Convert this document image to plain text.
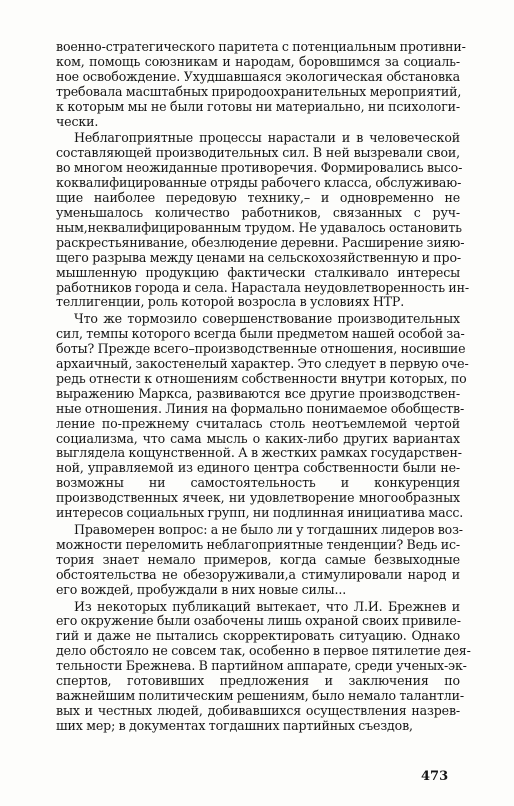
военно-стратегического паритета с потенциальным противни-
ком, помощь союзникам и народам, боровшимся за социаль-
ное освобождение. Ухудшавшаяся экологическая обстановка
требовала масштабных природоохранительных мероприятий,
к которым мы не были готовы ни материально, ни психологи-
чески.
Неблагоприятные процессы нарастали и в человеческой
составляющей производительных сил. В ней вызревали свои,
во многом неожиданные противоречия. Формировались высо-
коквалифицированные отряды рабочего класса, обслуживаю-
щие наиболее передовую технику,– и одновременно не
уменьшалось количество работников, связанных с руч-
ным,неквалифицированным трудом. Не удавалось остановить
раскрестьянивание, обезлюдение деревни. Расширение зияю-
щего разрыва между ценами на сельскохозяйственную и про-
мышленную продукцию фактически сталкивало интересы
работников города и села. Нарастала неудовлетворенность ин-
теллигенции, роль которой возросла в условиях НТР.
Что же тормозило совершенствование производительных
сил, темпы которого всегда были предметом нашей особой за-
боты? Прежде всего–производственные отношения, носившие
архаичный, закостенелый характер. Это следует в первую оче-
редь отнести к отношениям собственности внутри которых, по
выражению Маркса, развиваются все другие производствен-
ные отношения. Линия на формально понимаемое обобществ-
ление по-прежнему считалась столь неотъемлемой чертой
социализма, что сама мысль о каких-либо других вариантах
выглядела кощунственной. А в жестких рамках государствен-
ной, управляемой из единого центра собственности были не-
возможны ни самостоятельность и конкуренция
производственных ячеек, ни удовлетворение многообразных
интересов социальных групп, ни подлинная инициатива масс.
Правомерен вопрос: а не было ли у тогдашних лидеров воз-
можности переломить неблагоприятные тенденции? Ведь ис-
тория знает немало примеров, когда самые безвыходные
обстоятельства не обезоруживали,а стимулировали народ и
его вождей, пробуждали в них новые силы...
Из некоторых публикаций вытекает, что Л.И. Брежнев и
его окружение были озабочены лишь охраной своих привиле-
гий и даже не пытались скорректировать ситуацию. Однако
дело обстояло не совсем так, особенно в первое пятилетие дея-
тельности Брежнева. В партийном аппарате, среди ученых-эк-
спертов, готовивших предложения и заключения по
важнейшим политическим решениям, было немало талантли-
вых и честных людей, добивавшихся осуществления назрев-
ших мер; в документах тогдашних партийных съездов,
473
